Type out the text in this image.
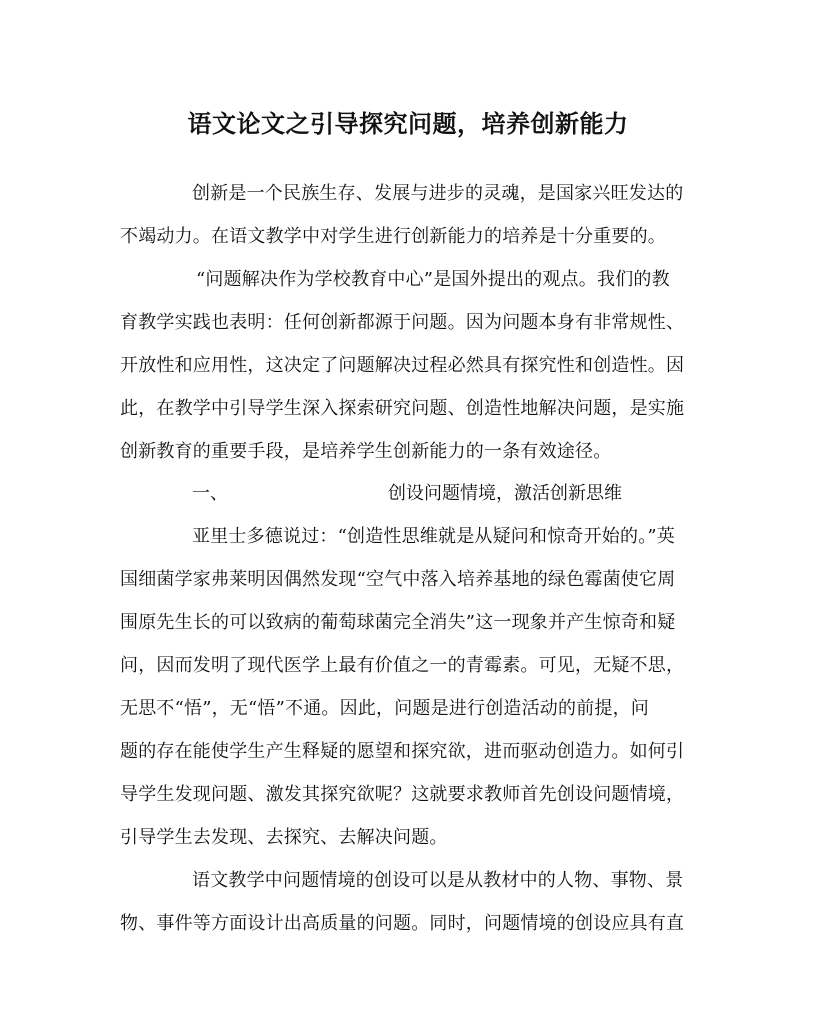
语文论文之引导探究问题，培养创新能力
创新是一个民族生存、发展与进步的灵魂，是国家兴旺发达的
不竭动力。在语文教学中对学生进行创新能力的培养是十分重要的。
“问题解决作为学校教育中心”是国外提出的观点。我们的教
育教学实践也表明：任何创新都源于问题。因为问题本身有非常规性、
开放性和应用性，这决定了问题解决过程必然具有探究性和创造性。因
此，在教学中引导学生深入探索研究问题、创造性地解决问题，是实施
创新教育的重要手段，是培养学生创新能力的一条有效途径。
一、	创设问题情境，激活创新思维
亚里士多德说过：“创造性思维就是从疑问和惊奇开始的。”英
国细菌学家弗莱明因偶然发现“空气中落入培养基地的绿色霉菌使它周
围原先生长的可以致病的葡萄球菌完全消失”这一现象并产生惊奇和疑
问，因而发明了现代医学上最有价值之一的青霉素。可见，无疑不思，
无思不“悟”，无“悟”不通。因此，问题是进行创造活动的前提，问
题的存在能使学生产生释疑的愿望和探究欲，进而驱动创造力。如何引
导学生发现问题、激发其探究欲呢？这就要求教师首先创设问题情境，
引导学生去发现、去探究、去解决问题。
语文教学中问题情境的创设可以是从教材中的人物、事物、景
物、事件等方面设计出高质量的问题。同时，问题情境的创设应具有直
